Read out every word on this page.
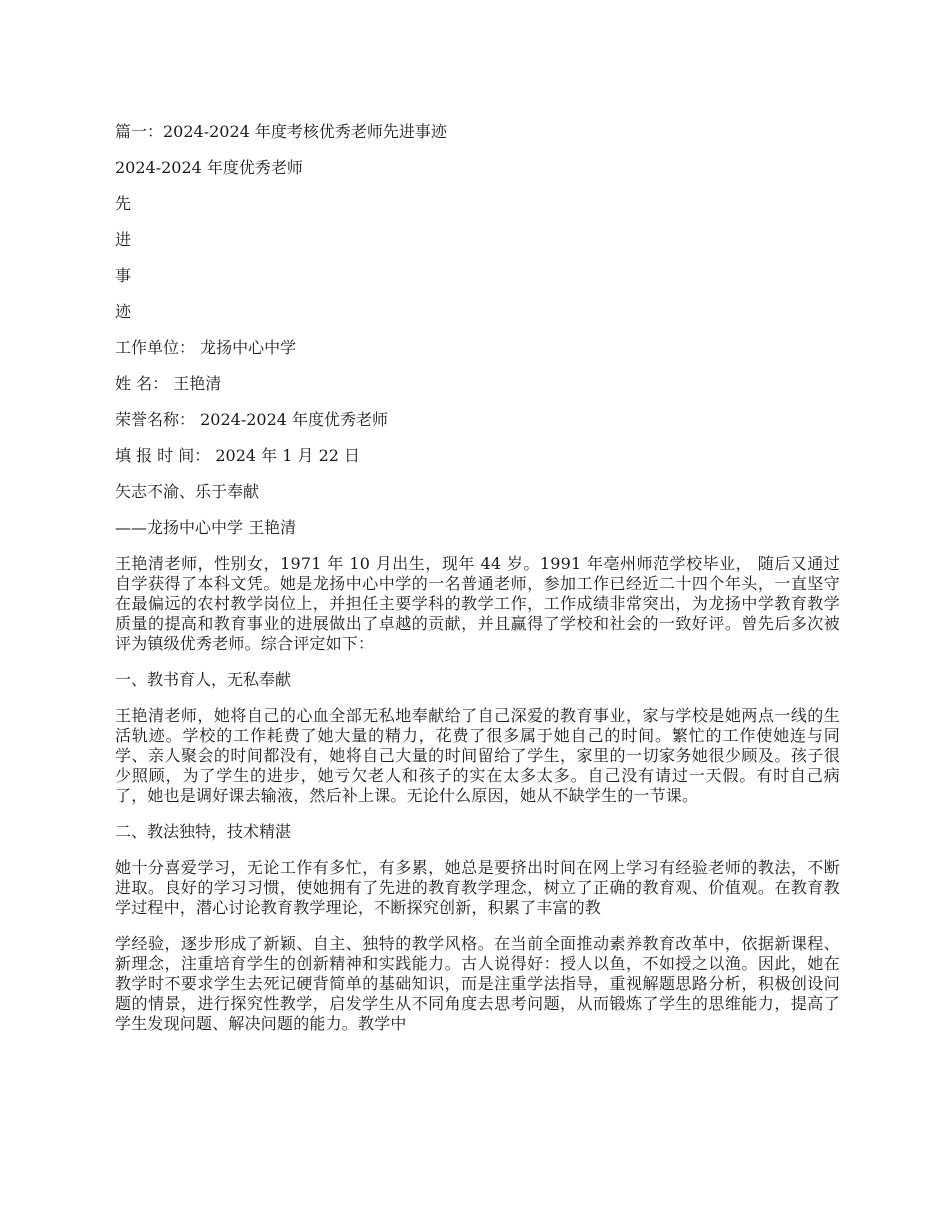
篇一：2024-2024 年度考核优秀老师先进事迹
2024-2024 年度优秀老师
先
进
事
迹
工作单位： 龙扬中心中学
姓 名： 王艳清
荣誉名称： 2024-2024 年度优秀老师
填 报 时 间： 2024 年 1 月 22 日
矢志不渝、乐于奉献
——龙扬中心中学 王艳清
王艳清老师，性别女，1971 年 10 月出生，现年 44 岁。1991 年亳州师范学校毕业， 随后又通过自学获得了本科文凭。她是龙扬中心中学的一名普通老师，参加工作已经近二十四个年头，一直坚守在最偏远的农村教学岗位上，并担任主要学科的教学工作，工作成绩非常突出，为龙扬中学教育教学质量的提高和教育事业的进展做出了卓越的贡献，并且赢得了学校和社会的一致好评。曾先后多次被评为镇级优秀老师。综合评定如下：
一、教书育人，无私奉献
王艳清老师，她将自己的心血全部无私地奉献给了自己深爱的教育事业，家与学校是她两点一线的生活轨迹。学校的工作耗费了她大量的精力，花费了很多属于她自己的时间。繁忙的工作使她连与同学、亲人聚会的时间都没有，她将自己大量的时间留给了学生，家里的一切家务她很少顾及。孩子很少照顾，为了学生的进步，她亏欠老人和孩子的实在太多太多。自己没有请过一天假。有时自己病了，她也是调好课去输液，然后补上课。无论什么原因，她从不缺学生的一节课。
二、教法独特，技术精湛
她十分喜爱学习，无论工作有多忙，有多累，她总是要挤出时间在网上学习有经验老师的教法，不断进取。良好的学习习惯，使她拥有了先进的教育教学理念，树立了正确的教育观、价值观。在教育教学过程中，潜心讨论教育教学理论，不断探究创新，积累了丰富的教
学经验，逐步形成了新颖、自主、独特的教学风格。在当前全面推动素养教育改革中，依据新课程、新理念，注重培育学生的创新精神和实践能力。古人说得好：授人以鱼，不如授之以渔。因此，她在教学时不要求学生去死记硬背简单的基础知识，而是注重学法指导，重视解题思路分析，积极创设问题的情景，进行探究性教学，启发学生从不同角度去思考问题，从而锻炼了学生的思维能力，提高了学生发现问题、解决问题的能力。教学中
